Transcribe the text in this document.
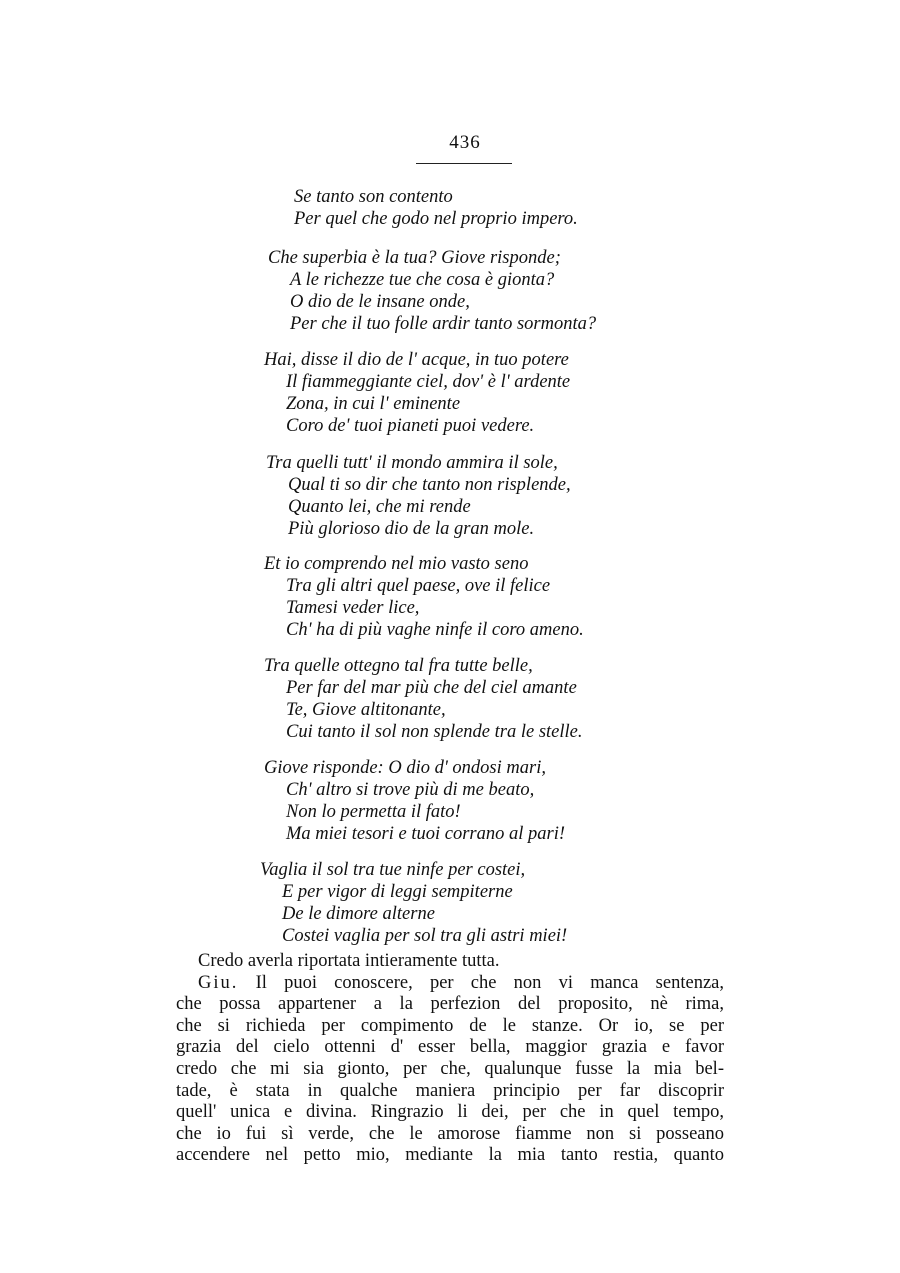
436
Se tanto son contento
Per quel che godo nel proprio impero.
Che superbia è la tua? Giove risponde;
A le richezze tue che cosa è gionta?
O dio de le insane onde,
Per che il tuo folle ardir tanto sormonta?
Hai, disse il dio de l' acque, in tuo potere
Il fiammeggiante ciel, dov' è l' ardente
Zona, in cui l' eminente
Coro de' tuoi pianeti puoi vedere.
Tra quelli tutt' il mondo ammira il sole,
Qual ti so dir che tanto non risplende,
Quanto lei, che mi rende
Più glorioso dio de la gran mole.
Et io comprendo nel mio vasto seno
Tra gli altri quel paese, ove il felice
Tamesi veder lice,
Ch' ha di più vaghe ninfe il coro ameno.
Tra quelle ottegno tal fra tutte belle,
Per far del mar più che del ciel amante
Te, Giove altitonante,
Cui tanto il sol non splende tra le stelle.
Giove risponde: O dio d' ondosi mari,
Ch' altro si trove più di me beato,
Non lo permetta il fato!
Ma miei tesori e tuoi corrano al pari!
Vaglia il sol tra tue ninfe per costei,
E per vigor di leggi sempiterne
De le dimore alterne
Costei vaglia per sol tra gli astri miei!
Credo averla riportata intieramente tutta.
Giu. Il puoi conoscere, per che non vi manca sentenza,
che possa appartener a la perfezion del proposito, nè rima,
che si richieda per compimento de le stanze. Or io, se per
grazia del cielo ottenni d' esser bella, maggior grazia e favor
credo che mi sia gionto, per che, qualunque fusse la mia bel-
tade, è stata in qualche maniera principio per far discoprir
quell' unica e divina. Ringrazio li dei, per che in quel tempo,
che io fui sì verde, che le amorose fiamme non si posseano
accendere nel petto mio, mediante la mia tanto restia, quanto
